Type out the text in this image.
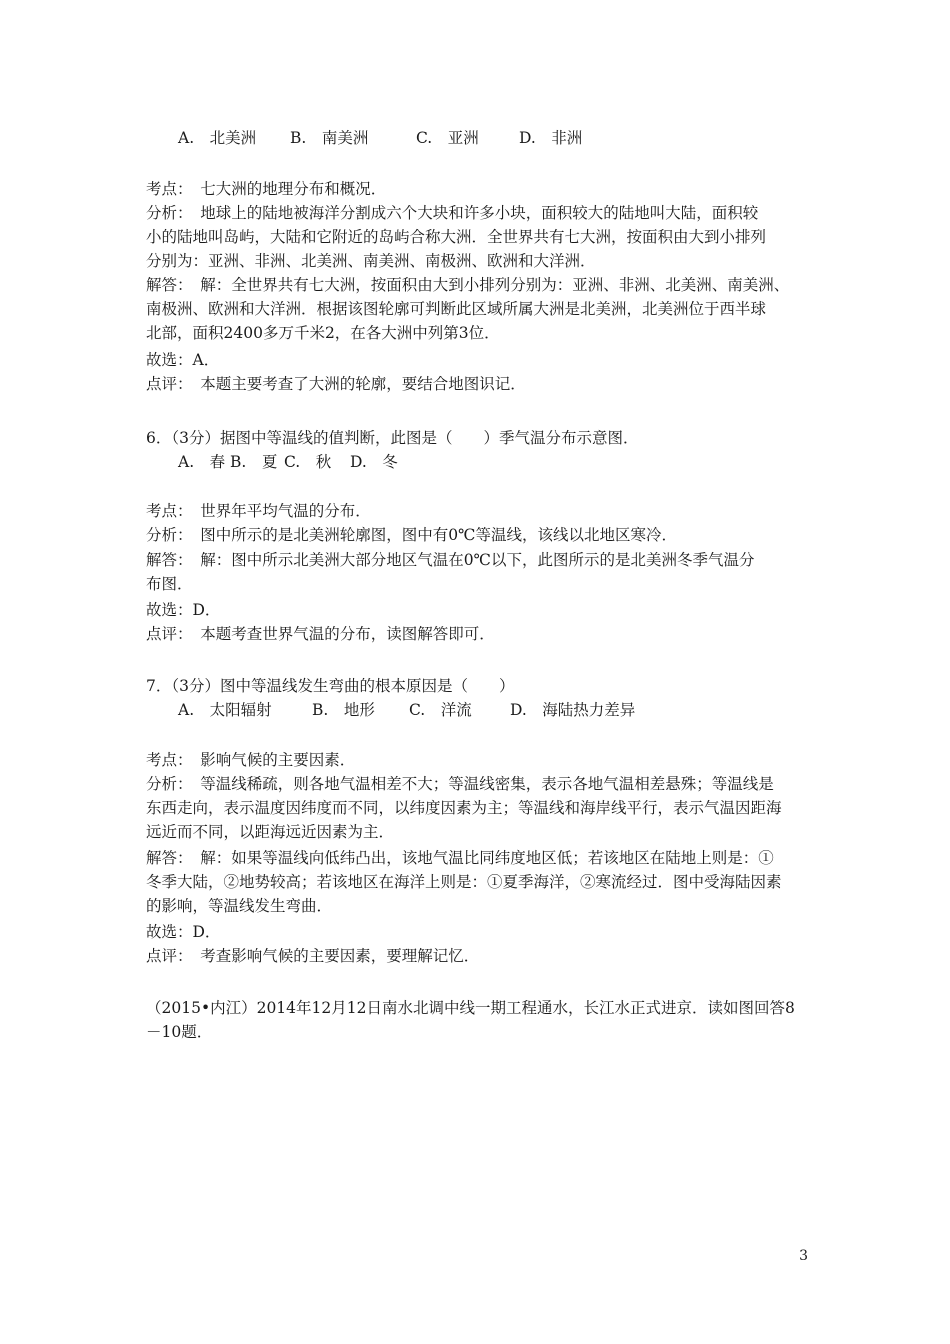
A.　北美洲 B.　南美洲	C.　亚洲	D.　非洲
考点：　七大洲的地理分布和概况．
分析：　地球上的陆地被海洋分割成六个大块和许多小块，面积较大的陆地叫大陆，面积较
小的陆地叫岛屿，大陆和它附近的岛屿合称大洲．全世界共有七大洲，按面积由大到小排列
分别为：亚洲、非洲、北美洲、南美洲、南极洲、欧洲和大洋洲．
解答：　解：全世界共有七大洲，按面积由大到小排列分别为：亚洲、非洲、北美洲、南美洲、
南极洲、欧洲和大洋洲．根据该图轮廓可判断此区域所属大洲是北美洲，北美洲位于西半球
北部，面积2400多万千米2，在各大洲中列第3位．
故选：A．
点评：　本题主要考查了大洲的轮廓，要结合地图识记．
6．（3分）据图中等温线的值判断，此图是（　　）季气温分布示意图．
A.　春 B.　夏 C.　秋 D.　冬
考点：　世界年平均气温的分布．
分析：　图中所示的是北美洲轮廓图，图中有0℃等温线，该线以北地区寒冷．
解答：　解：图中所示北美洲大部分地区气温在0℃以下，此图所示的是北美洲冬季气温分
布图．
故选：D．
点评：　本题考查世界气温的分布，读图解答即可．
7．（3分）图中等温线发生弯曲的根本原因是（　　）
A.　太阳辐射	B.　地形 C.　洋流 D.　海陆热力差异
考点：　影响气候的主要因素．
分析：　等温线稀疏，则各地气温相差不大；等温线密集，表示各地气温相差悬殊；等温线是
东西走向，表示温度因纬度而不同，以纬度因素为主；等温线和海岸线平行，表示气温因距海
远近而不同，以距海远近因素为主．
解答：　解：如果等温线向低纬凸出，该地气温比同纬度地区低；若该地区在陆地上则是：①
冬季大陆，②地势较高；若该地区在海洋上则是：①夏季海洋，②寒流经过．图中受海陆因素
的影响，等温线发生弯曲．
故选：D．
点评：　考查影响气候的主要因素，要理解记忆．
（2015•内江）2014年12月12日南水北调中线一期工程通水，长江水正式进京．读如图回答8
－10题．
3
